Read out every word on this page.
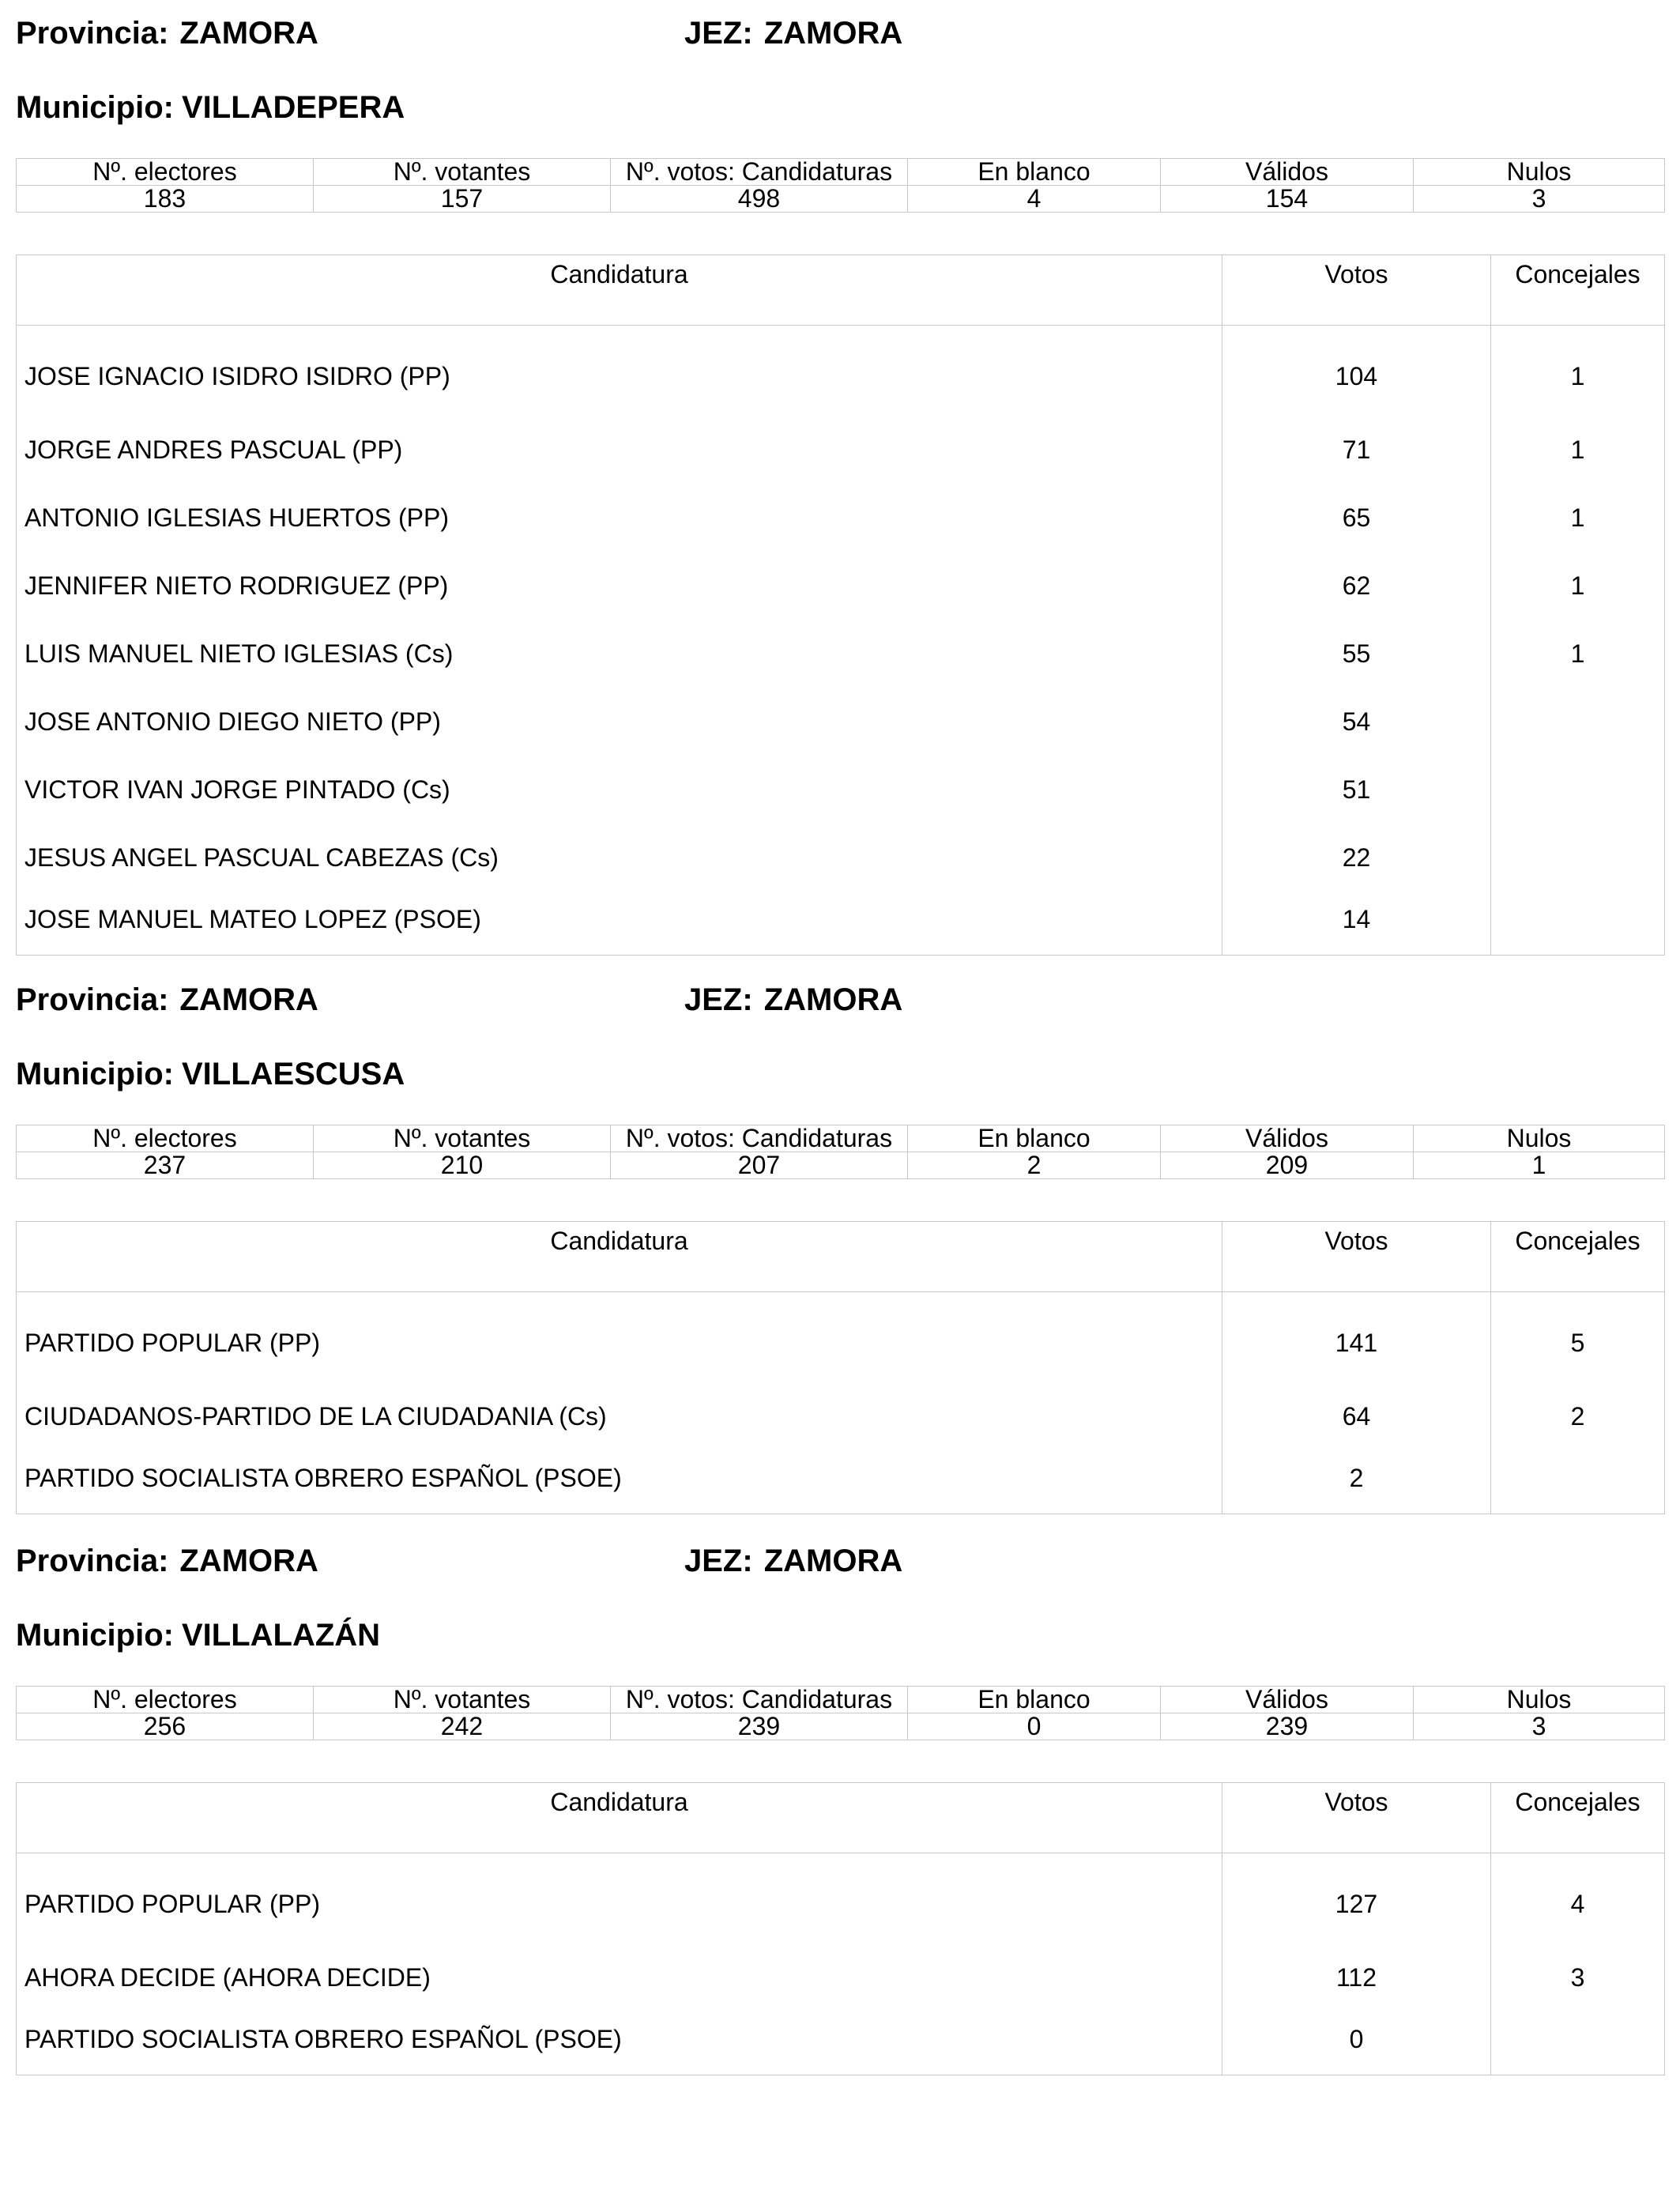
Provincia: ZAMORA	JEZ: ZAMORA
Municipio: VILLADEPERA
Nº. electores	Nº. votantes	Nº. votos: Candidaturas	En blanco	Válidos	Nulos
183	157	498	4	154	3
Candidatura	Votos	Concejales
JOSE IGNACIO ISIDRO ISIDRO (PP)	104	1
JORGE ANDRES PASCUAL (PP)	71	1
ANTONIO IGLESIAS HUERTOS (PP)	65	1
JENNIFER NIETO RODRIGUEZ (PP)	62	1
LUIS MANUEL NIETO IGLESIAS (Cs)	55	1
JOSE ANTONIO DIEGO NIETO (PP)	54	
VICTOR IVAN JORGE PINTADO (Cs)	51	
JESUS ANGEL PASCUAL CABEZAS (Cs)	22	
JOSE MANUEL MATEO LOPEZ (PSOE)	14	
Provincia: ZAMORA	JEZ: ZAMORA
Municipio: VILLAESCUSA
Nº. electores	Nº. votantes	Nº. votos: Candidaturas	En blanco	Válidos	Nulos
237	210	207	2	209	1
Candidatura	Votos	Concejales
PARTIDO POPULAR (PP)	141	5
CIUDADANOS-PARTIDO DE LA CIUDADANIA (Cs)	64	2
PARTIDO SOCIALISTA OBRERO ESPAÑOL (PSOE)	2	
Provincia: ZAMORA	JEZ: ZAMORA
Municipio: VILLALAZÁN
Nº. electores	Nº. votantes	Nº. votos: Candidaturas	En blanco	Válidos	Nulos
256	242	239	0	239	3
Candidatura	Votos	Concejales
PARTIDO POPULAR (PP)	127	4
AHORA DECIDE (AHORA DECIDE)	112	3
PARTIDO SOCIALISTA OBRERO ESPAÑOL (PSOE)	0	
